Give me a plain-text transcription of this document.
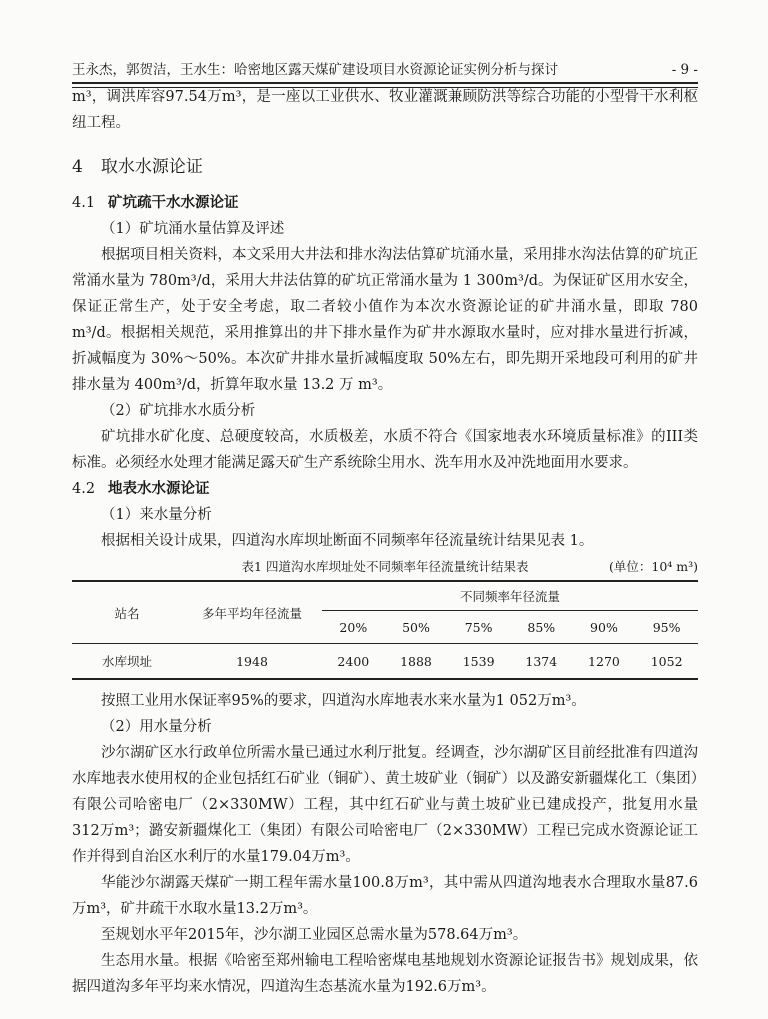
王永杰，郭贺洁，王水生：哈密地区露天煤矿建设项目水资源论证实例分析与探讨	- 9 -

m³，调洪库容97.54万m³，是一座以工业供水、牧业灌溉兼顾防洪等综合功能的小型骨干水利枢纽工程。

4 取水水源论证
4.1 矿坑疏干水水源论证

（1）矿坑涌水量估算及评述

根据项目相关资料，本文采用大井法和排水沟法估算矿坑涌水量，采用排水沟法估算的矿坑正常涌水量为 780m³/d，采用大井法估算的矿坑正常涌水量为 1 300m³/d。为保证矿区用水安全，保证正常生产，处于安全考虑，取二者较小值作为本次水资源论证的矿井涌水量，即取 780 m³/d。根据相关规范，采用推算出的井下排水量作为矿井水源取水量时，应对排水量进行折减，折减幅度为 30%～50%。本次矿井排水量折减幅度取 50%左右，即先期开采地段可利用的矿井排水量为 400m³/d，折算年取水量 13.2 万 m³。

（2）矿坑排水水质分析

矿坑排水矿化度、总硬度较高，水质极差，水质不符合《国家地表水环境质量标准》的III类标准。必须经水处理才能满足露天矿生产系统除尘用水、洗车用水及冲洗地面用水要求。

4.2 地表水水源论证

（1）来水量分析

根据相关设计成果，四道沟水库坝址断面不同频率年径流量统计结果见表 1。

表1 四道沟水库坝址处不同频率年径流量统计结果表	(单位：10⁴ m³)

站名	多年平均年径流量	不同频率年径流量					
		20%	50%	75%	85%	90%	95%
水库坝址	1948	2400	1888	1539	1374	1270	1052

按照工业用水保证率95%的要求，四道沟水库地表水来水量为1 052万m³。

（2）用水量分析

沙尔湖矿区水行政单位所需水量已通过水利厅批复。经调查，沙尔湖矿区目前经批准有四道沟水库地表水使用权的企业包括红石矿业（铜矿）、黄土坡矿业（铜矿）以及潞安新疆煤化工（集团）有限公司哈密电厂（2×330MW）工程，其中红石矿业与黄土坡矿业已建成投产，批复用水量312万m³；潞安新疆煤化工（集团）有限公司哈密电厂（2×330MW）工程已完成水资源论证工作并得到自治区水利厅的水量179.04万m³。

华能沙尔湖露天煤矿一期工程年需水量100.8万m³，其中需从四道沟地表水合理取水量87.6万m³，矿井疏干水取水量13.2万m³。

至规划水平年2015年，沙尔湖工业园区总需水量为578.64万m³。

生态用水量。根据《哈密至郑州输电工程哈密煤电基地规划水资源论证报告书》规划成果，依据四道沟多年平均来水情况，四道沟生态基流水量为192.6万m³。
